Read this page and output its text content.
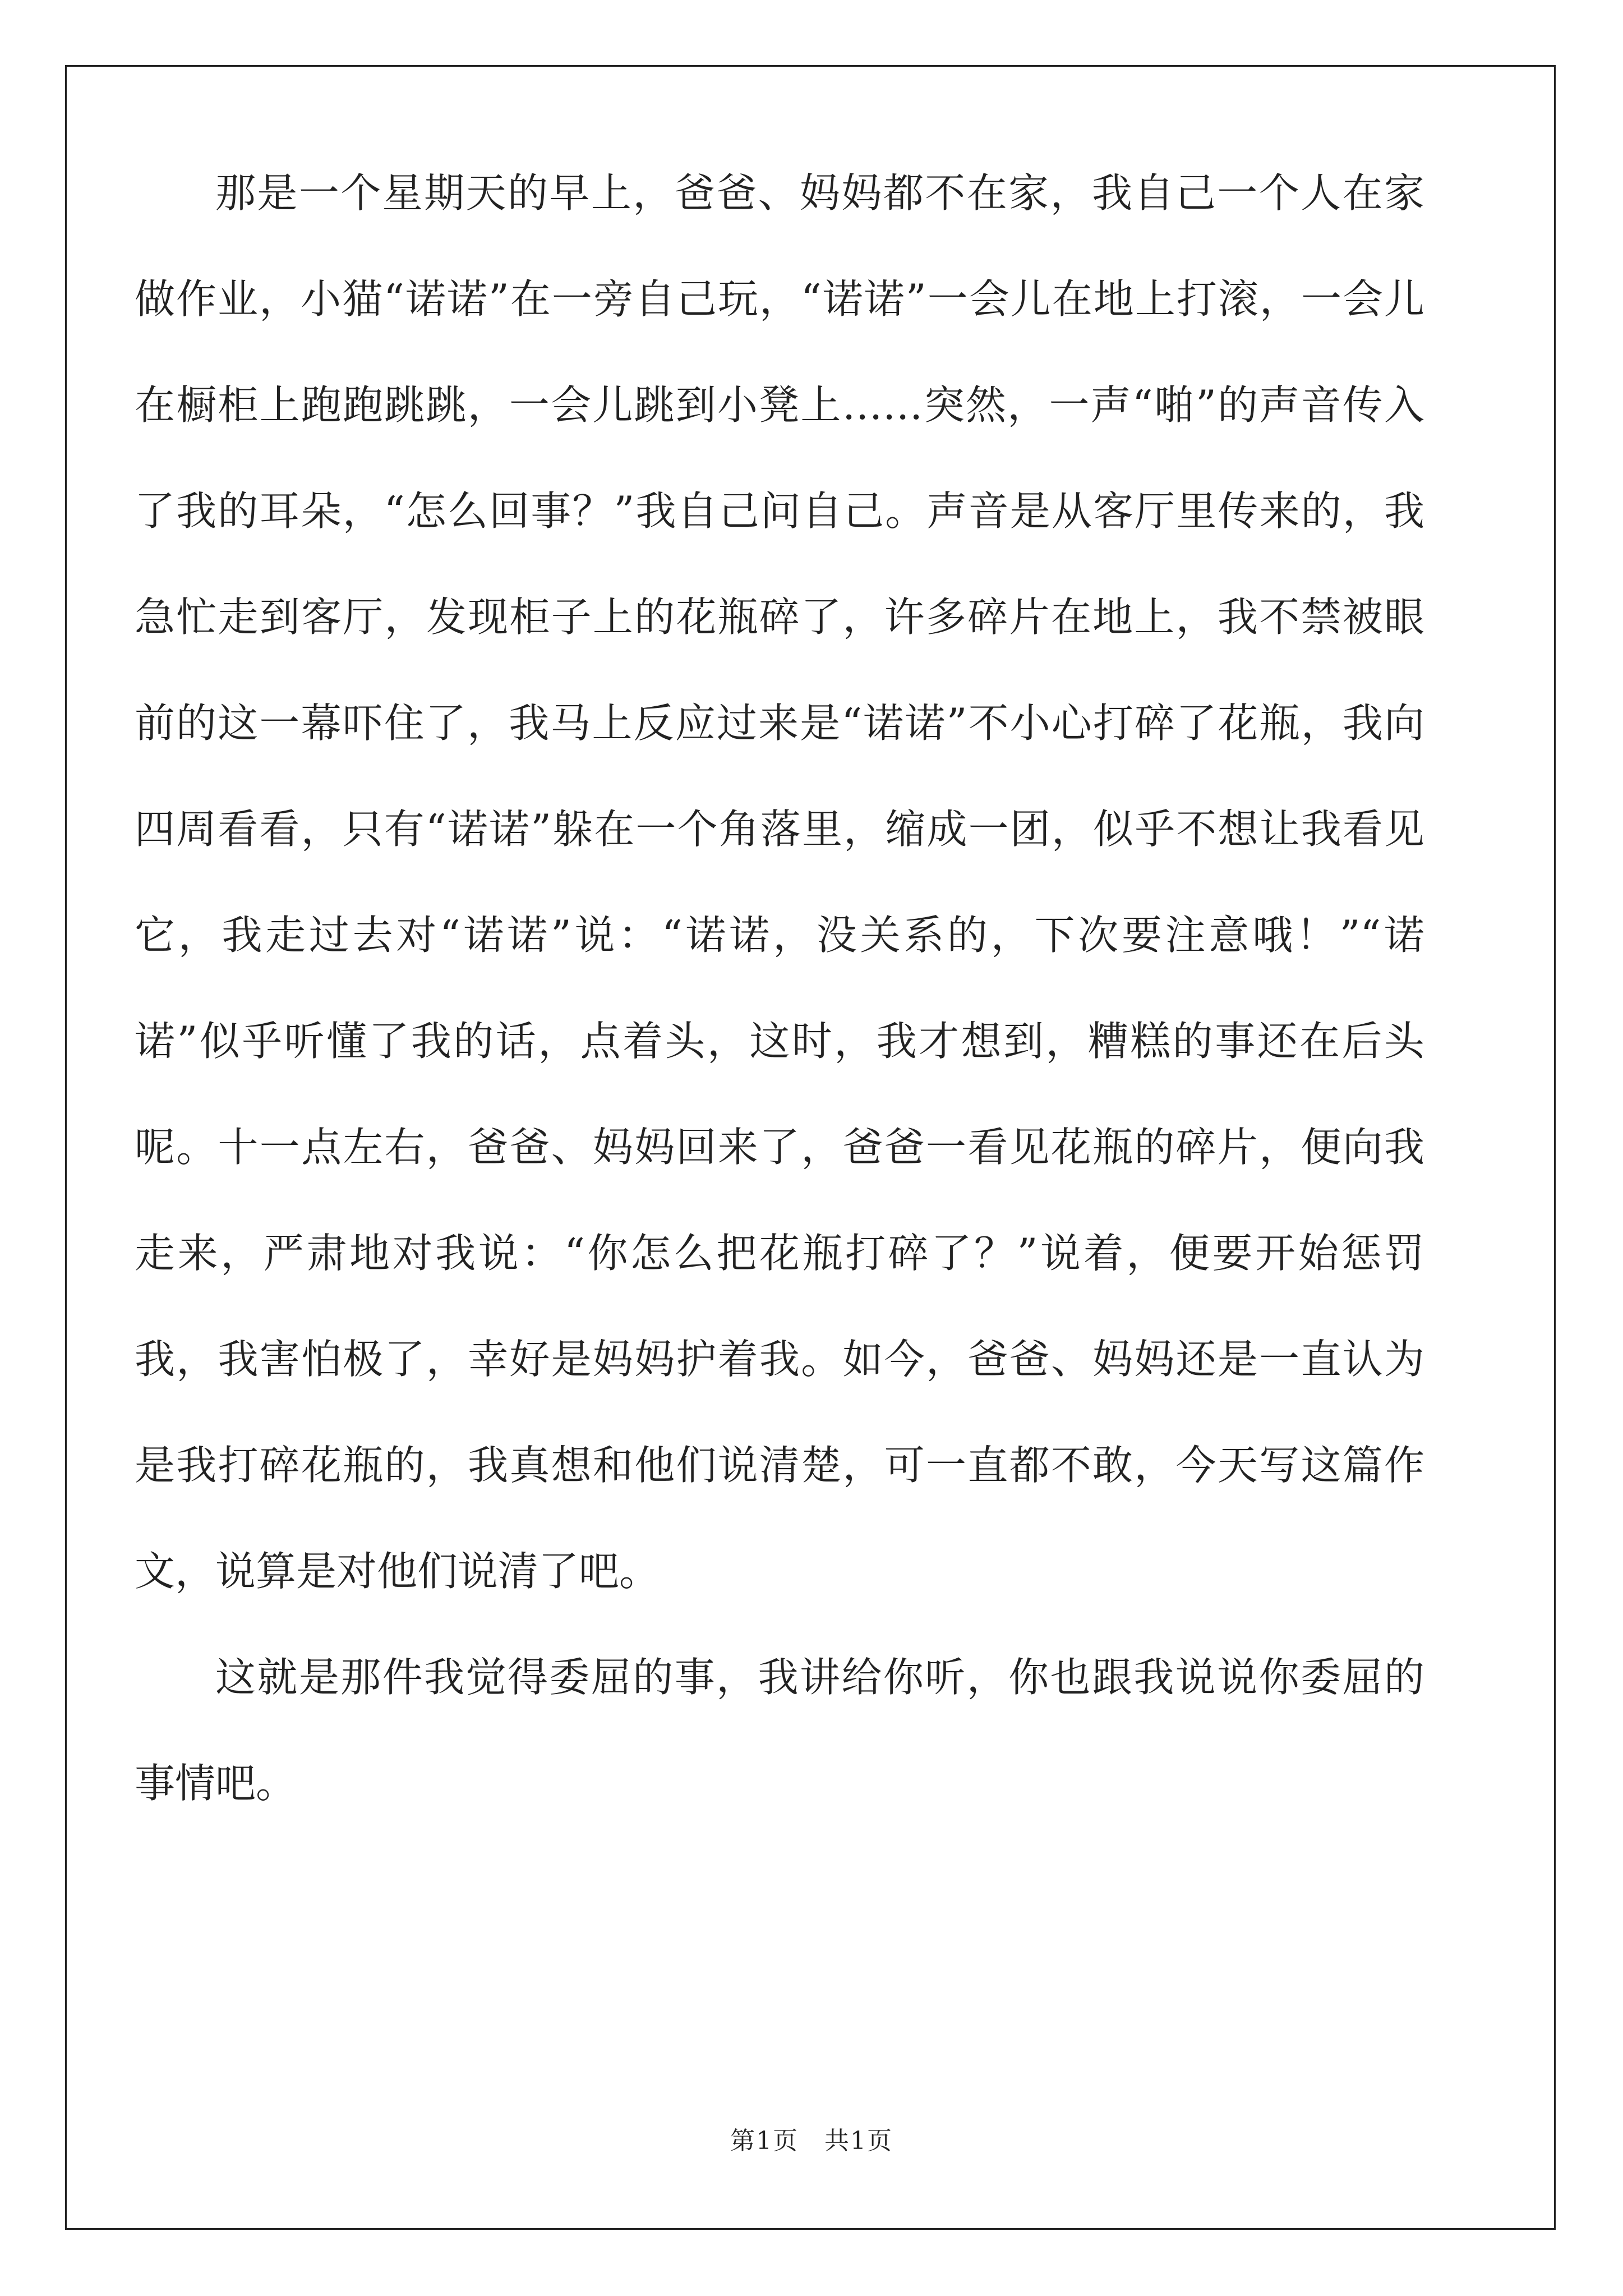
那是一个星期天的早上，爸爸、妈妈都不在家，我自己一个人在家做作业，小猫“诺诺”在一旁自己玩，“诺诺”一会儿在地上打滚，一会儿在橱柜上跑跑跳跳，一会儿跳到小凳上……突然，一声“啪”的声音传入了我的耳朵，“怎么回事？”我自己问自己。声音是从客厅里传来的，我急忙走到客厅，发现柜子上的花瓶碎了，许多碎片在地上，我不禁被眼前的这一幕吓住了，我马上反应过来是“诺诺”不小心打碎了花瓶，我向四周看看，只有“诺诺”躲在一个角落里，缩成一团，似乎不想让我看见它，我走过去对“诺诺”说：“诺诺，没关系的，下次要注意哦！”“诺诺”似乎听懂了我的话，点着头，这时，我才想到，糟糕的事还在后头呢。十一点左右，爸爸、妈妈回来了，爸爸一看见花瓶的碎片，便向我走来，严肃地对我说：“你怎么把花瓶打碎了？”说着，便要开始惩罚我，我害怕极了，幸好是妈妈护着我。如今，爸爸、妈妈还是一直认为是我打碎花瓶的，我真想和他们说清楚，可一直都不敢，今天写这篇作文，说算是对他们说清了吧。

这就是那件我觉得委屈的事，我讲给你听，你也跟我说说你委屈的事情吧。

第1页　共1页
